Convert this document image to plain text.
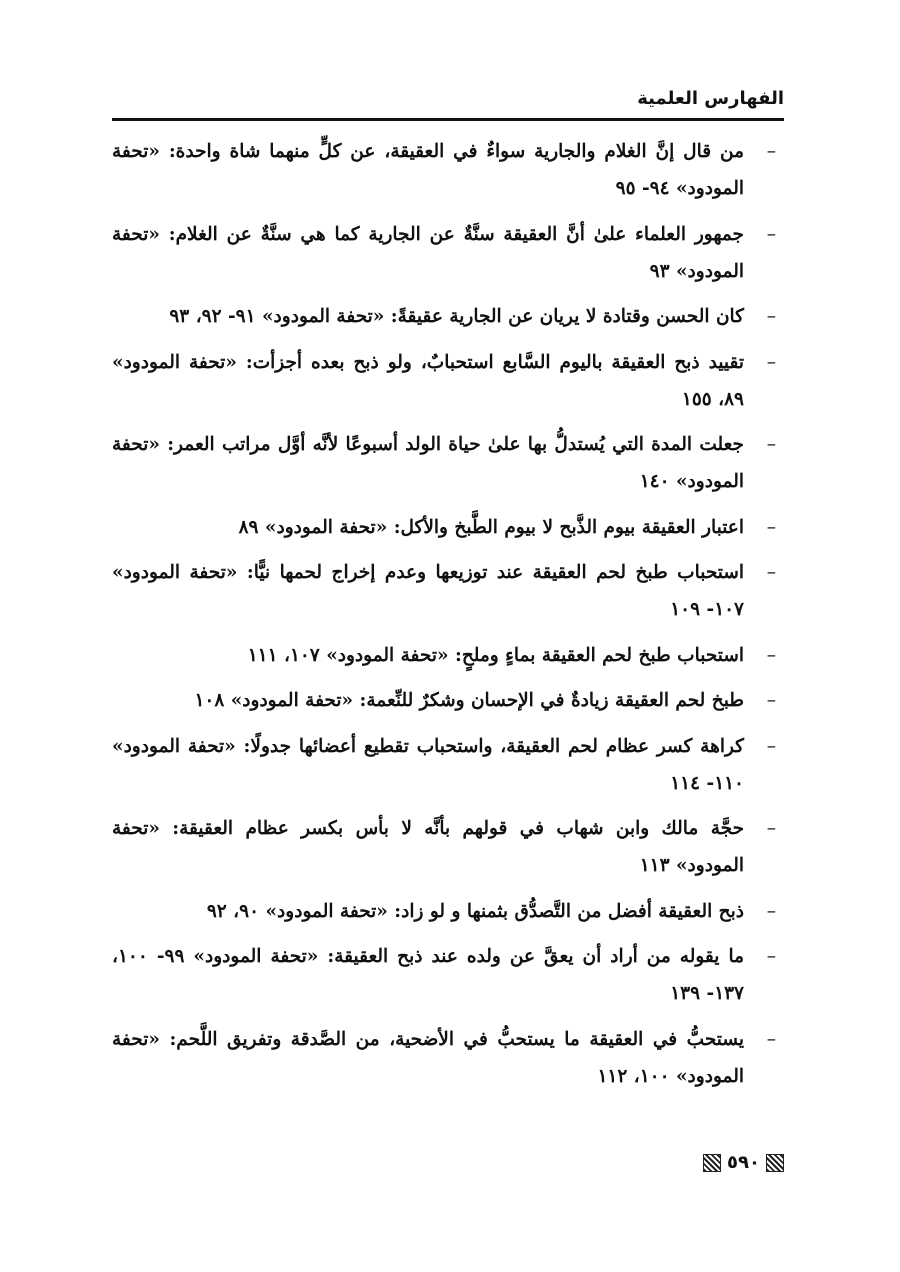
الفهارس العلمية
–
من قال إنَّ الغلام والجارية سواءٌ في العقيقة، عن كلٍّ منهما شاة واحدة: «تحفة المودود» ٩٤- ٩٥
–
جمهور العلماء علىٰ أنَّ العقيقة سنَّةٌ عن الجارية كما هي سنَّةٌ عن الغلام: «تحفة المودود» ٩٣
–
كان الحسن وقتادة لا يريان عن الجارية عقيقةً: «تحفة المودود» ٩١- ٩٢، ٩٣
–
تقييد ذبح العقيقة باليوم السَّابع استحبابٌ، ولو ذبح بعده أجزأت: «تحفة المودود» ٨٩، ١٥٥
–
جعلت المدة التي يُستدلُّ بها علىٰ حياة الولد أسبوعًا لأنَّه أوَّل مراتب العمر: «تحفة المودود» ١٤٠
–
اعتبار العقيقة بيوم الذَّبح لا بيوم الطَّبخ والأكل: «تحفة المودود» ٨٩
–
استحباب طبخ لحم العقيقة عند توزيعها وعدم إخراج لحمها نيًّا: «تحفة المودود» ١٠٧- ١٠٩
–
استحباب طبخ لحم العقيقة بماءٍ وملحٍ: «تحفة المودود» ١٠٧، ١١١
–
طبخ لحم العقيقة زيادةٌ في الإحسان وشكرٌ للنِّعمة: «تحفة المودود» ١٠٨
–
كراهة كسر عظام لحم العقيقة، واستحباب تقطيع أعضائها جدولًا: «تحفة المودود» ١١٠- ١١٤
–
حجَّة مالك وابن شهاب في قولهم بأنَّه لا بأس بكسر عظام العقيقة: «تحفة المودود» ١١٣
–
ذبح العقيقة أفضل من التَّصدُّق بثمنها و لو زاد: «تحفة المودود» ٩٠، ٩٢
–
ما يقوله من أراد أن يعقَّ عن ولده عند ذبح العقيقة: «تحفة المودود» ٩٩- ١٠٠، ١٣٧- ١٣٩
–
يستحبُّ في العقيقة ما يستحبُّ في الأضحية، من الصَّدقة وتفريق اللَّحم: «تحفة المودود» ١٠٠، ١١٢
٥٩٠
